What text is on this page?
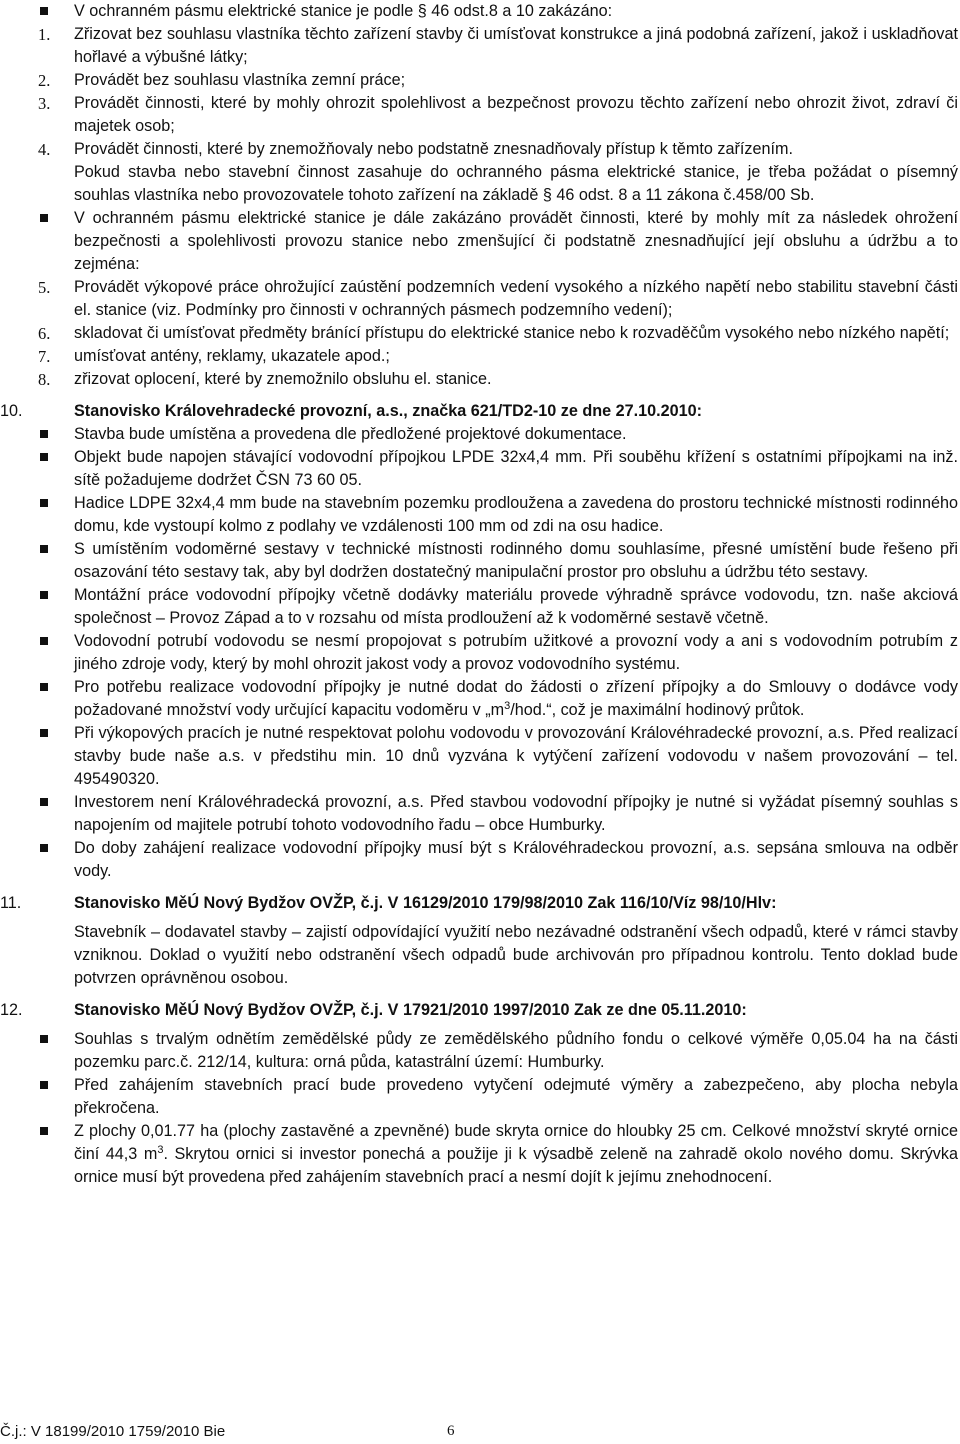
V ochranném pásmu elektrické stanice je podle § 46 odst.8 a 10 zakázáno:
1. Zřizovat bez souhlasu vlastníka těchto zařízení stavby či umísťovat konstrukce a jiná podobná zařízení, jakož i uskladňovat hořlavé a výbušné látky;
2. Provádět bez souhlasu vlastníka zemní práce;
3. Provádět činnosti, které by mohly ohrozit spolehlivost a bezpečnost provozu těchto zařízení nebo ohrozit život, zdraví či majetek osob;
4. Provádět činnosti, které by znemožňovaly nebo podstatně znesnadňovaly přístup k těmto zařízením.
Pokud stavba nebo stavební činnost zasahuje do ochranného pásma elektrické stanice, je třeba požádat o písemný souhlas vlastníka nebo provozovatele tohoto zařízení na základě § 46 odst. 8 a 11 zákona č.458/00 Sb.
V ochranném pásmu elektrické stanice je dále zakázáno provádět činnosti, které by mohly mít za následek ohrožení bezpečnosti a spolehlivosti provozu stanice nebo zmenšující či podstatně znesnadňující její obsluhu a údržbu a to zejména:
5. Provádět výkopové práce ohrožující zaústění podzemních vedení vysokého a nízkého napětí nebo stabilitu stavební části el. stanice (viz. Podmínky pro činnosti v ochranných pásmech podzemního vedení);
6. skladovat či umísťovat předměty bránící přístupu do elektrické stanice nebo k rozvaděčům vysokého nebo nízkého napětí;
7. umísťovat antény, reklamy, ukazatele apod.;
8. zřizovat oplocení, které by znemožnilo obsluhu el. stanice.
10.	Stanovisko Královehradecké provozní, a.s., značka 621/TD2-10 ze dne 27.10.2010:
Stavba bude umístěna a provedena dle předložené projektové dokumentace.
Objekt bude napojen stávající vodovodní přípojkou LPDE 32x4,4 mm. Při souběhu křížení s ostatními přípojkami na inž. sítě požadujeme dodržet ČSN 73 60 05.
Hadice LDPE 32x4,4 mm bude na stavebním pozemku prodloužena a zavedena do prostoru technické místnosti rodinného domu, kde vystoupí kolmo z podlahy ve vzdálenosti 100 mm od zdi na osu hadice.
S umístěním vodoměrné sestavy v technické místnosti rodinného domu souhlasíme, přesné umístění bude řešeno při osazování této sestavy tak, aby byl dodržen dostatečný manipulační prostor pro obsluhu a údržbu této sestavy.
Montážní práce vodovodní přípojky včetně dodávky materiálu provede výhradně správce vodovodu, tzn. naše akciová společnost – Provoz Západ a to v rozsahu od místa prodloužení až k vodoměrné sestavě včetně.
Vodovodní potrubí vodovodu se nesmí propojovat s potrubím užitkové a provozní vody a ani s vodovodním potrubím z jiného zdroje vody, který by mohl ohrozit jakost vody a provoz vodovodního systému.
Pro potřebu realizace vodovodní přípojky je nutné dodat do žádosti o zřízení přípojky a do Smlouvy o dodávce vody požadované množství vody určující kapacitu vodoměru v $„m^3/hod.“$, což je maximální hodinový průtok.
Při výkopových pracích je nutné respektovat polohu vodovodu v provozování Královéhradecké provozní, a.s. Před realizací stavby bude naše a.s. v předstihu min. 10 dnů vyzvána k vytýčení zařízení vodovodu v našem provozování – tel. 495490320.
Investorem není Královéhradecká provozní, a.s. Před stavbou vodovodní přípojky je nutné si vyžádat písemný souhlas s napojením od majitele potrubí tohoto vodovodního řadu – obce Humburky.
Do doby zahájení realizace vodovodní přípojky musí být s Královéhradeckou provozní, a.s. sepsána smlouva na odběr vody.
11.	Stanovisko MěÚ Nový Bydžov OVŽP, č.j. V 16129/2010 179/98/2010 Zak 116/10/Víz 98/10/Hlv:
Stavebník – dodavatel stavby – zajistí odpovídající využití nebo nezávadné odstranění všech odpadů, které v rámci stavby vzniknou. Doklad o využití nebo odstranění všech odpadů bude archivován pro případnou kontrolu. Tento doklad bude potvrzen oprávněnou osobou.
12.	Stanovisko MěÚ Nový Bydžov OVŽP, č.j. V 17921/2010 1997/2010 Zak ze dne 05.11.2010:
Souhlas s trvalým odnětím zemědělské půdy ze zemědělského půdního fondu o celkové výměře 0,05.04 ha na části pozemku parc.č. 212/14, kultura: orná půda, katastrální území: Humburky.
Před zahájením stavebních prací bude provedeno vytyčení odejmuté výměry a zabezpečeno, aby plocha nebyla překročena.
Z plochy 0,01.77 ha (plochy zastavěné a zpevněné) bude skryta ornice do hloubky 25 cm. Celkové množství skryté ornice činí 44,3 $m^3$. Skrytou ornici si investor ponechá a použije ji k výsadbě zeleně na zahradě okolo nového domu. Skrývka ornice musí být provedena před zahájením stavebních prací a nesmí dojít k jejímu znehodnocení.
Č.j.: V 18199/2010 1759/2010 Bie	6
